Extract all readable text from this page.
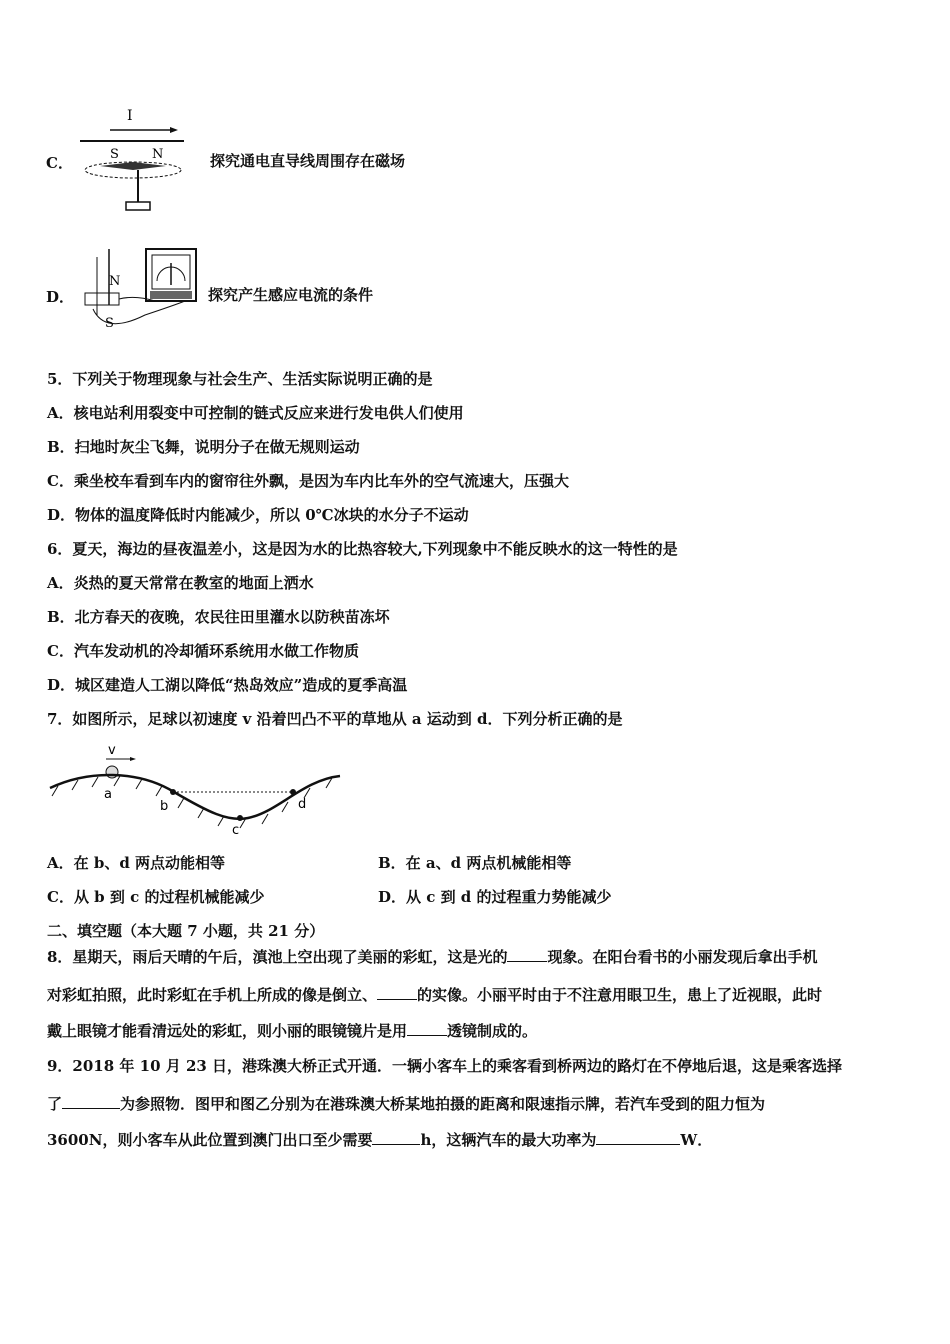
C．
I
S	N	探究通电直导线周围存在磁场
D．
N
S
探究产生感应电流的条件
5．下列关于物理现象与社会生产、生活实际说明正确的是
A．核电站利用裂变中可控制的链式反应来进行发电供人们使用
B．扫地时灰尘飞舞，说明分子在做无规则运动
C．乘坐校车看到车内的窗帘往外飘，是因为车内比车外的空气流速大，压强大
D．物体的温度降低时内能减少，所以 0℃冰块的水分子不运动
6．夏天，海边的昼夜温差小，这是因为水的比热容较大,下列现象中不能反映水的这一特性的是
A．炎热的夏天常常在教室的地面上洒水
B．北方春天的夜晚，农民往田里灌水以防秧苗冻坏
C．汽车发动机的冷却循环系统用水做工作物质
D．城区建造人工湖以降低“热岛效应”造成的夏季高温
7．如图所示，足球以初速度 v 沿着凹凸不平的草地从 a 运动到 d．下列分析正确的是
v
a
b
c
d
A．在 b、d 两点动能相等	B．在 a、d 两点机械能相等
C．从 b 到 c 的过程机械能减少	D．从 c 到 d 的过程重力势能减少
二、填空题（本大题 7 小题，共 21 分）
8．星期天，雨后天晴的午后，滇池上空出现了美丽的彩虹，这是光的	现象。在阳台看书的小丽发现后拿出手机
对彩虹拍照，此时彩虹在手机上所成的像是倒立、	的实像。小丽平时由于不注意用眼卫生，患上了近视眼，此时
戴上眼镜才能看清远处的彩虹，则小丽的眼镜镜片是用	透镜制成的。
9．2018 年 10 月 23 日，港珠澳大桥正式开通．一辆小客车上的乘客看到桥两边的路灯在不停地后退，这是乘客选择
了	为参照物．图甲和图乙分别为在港珠澳大桥某地拍摄的距离和限速指示牌，若汽车受到的阻力恒为
3600N，则小客车从此位置到澳门出口至少需要	h，这辆汽车的最大功率为	W．
